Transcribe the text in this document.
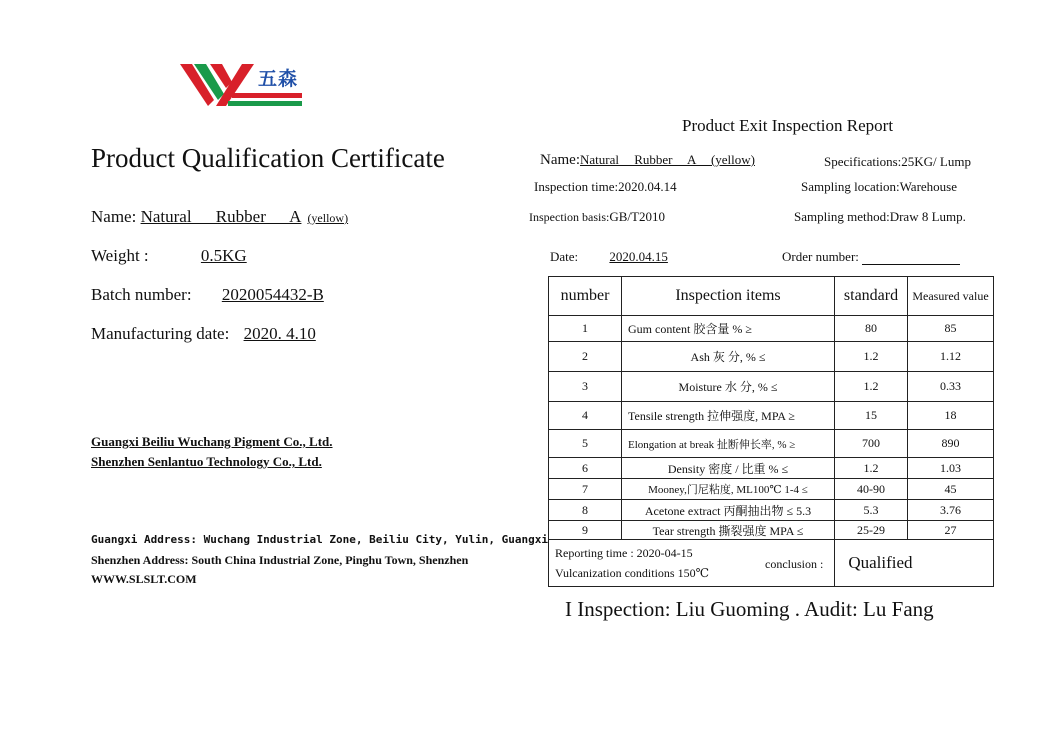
五森
Product Qualification Certificate
Name: Natural Rubber A (yellow)
Weight :	0.5KG
Batch number: 2020054432-B
Manufacturing date: 2020. 4.10
Guangxi Beiliu Wuchang Pigment Co., Ltd.
Shenzhen Senlantuo Technology Co., Ltd.
Guangxi Address: Wuchang Industrial Zone, Beiliu City, Yulin, Guangxi
Shenzhen Address: South China Industrial Zone, Pinghu Town, Shenzhen
WWW.SLSLT.COM
Product Exit Inspection Report
Name:Natural Rubber A (yellow)	Specifications:25KG/ Lump
Inspection time:2020.04.14	Sampling location:Warehouse
Inspection basis:GB/T2010	Sampling method:Draw 8 Lump.
Date: 2020.04.15	Order number:
number	Inspection items	standard	Measured value
1	Gum content 胶含量 % ≥	80	85
2	Ash 灰 分, % ≤	1.2	1.12
3	Moisture 水 分, % ≤	1.2	0.33
4	Tensile strength 拉伸强度, MPA ≥	15	18
5	Elongation at break 扯断伸长率, % ≥	700	890
6	Density 密度 / 比重 % ≤	1.2	1.03
7	Mooney,门尼粘度, ML100℃ 1-4 ≤	40-90	45
8	Acetone extract 丙酮抽出物 ≤ 5.3	5.3	3.76
9	Tear strength 撕裂强度 MPA ≤	25-29	27

Reporting time : 2020-04-15
Vulcanization conditions 150℃		conclusion : Qualified	
I Inspection: Liu Guoming . Audit: Lu Fang
